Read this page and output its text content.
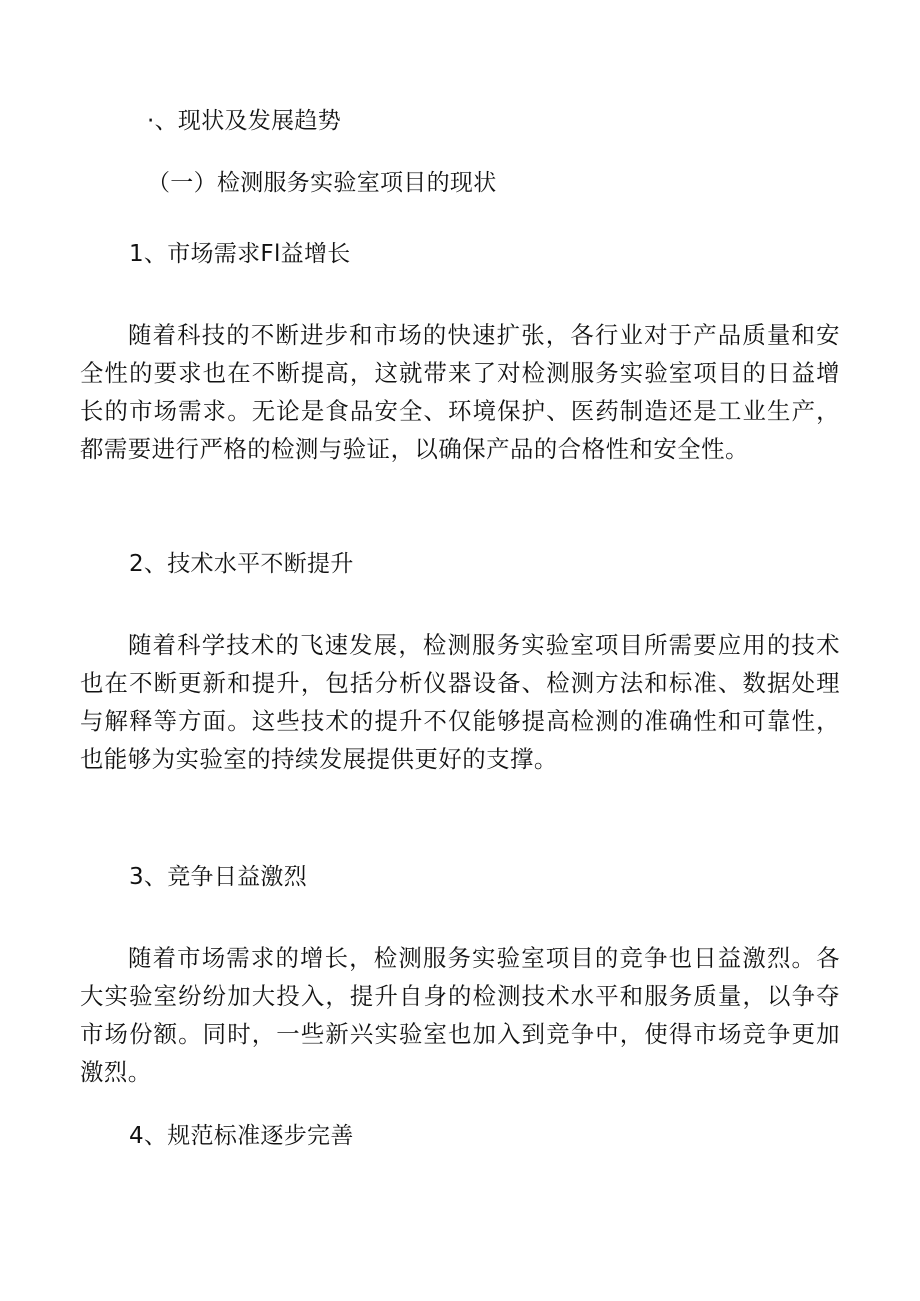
·、现状及发展趋势
（一）检测服务实验室项目的现状
1、市场需求Fl益增长
随着科技的不断进步和市场的快速扩张，各行业对于产品质量和安全性的要求也在不断提高，这就带来了对检测服务实验室项目的日益增长的市场需求。无论是食品安全、环境保护、医药制造还是工业生产，都需要进行严格的检测与验证，以确保产品的合格性和安全性。
2、技术水平不断提升
随着科学技术的飞速发展，检测服务实验室项目所需要应用的技术也在不断更新和提升，包括分析仪器设备、检测方法和标准、数据处理与解释等方面。这些技术的提升不仅能够提高检测的准确性和可靠性，也能够为实验室的持续发展提供更好的支撑。
3、竞争日益激烈
随着市场需求的增长，检测服务实验室项目的竞争也日益激烈。各大实验室纷纷加大投入，提升自身的检测技术水平和服务质量，以争夺市场份额。同时，一些新兴实验室也加入到竞争中，使得市场竞争更加激烈。
4、规范标准逐步完善
